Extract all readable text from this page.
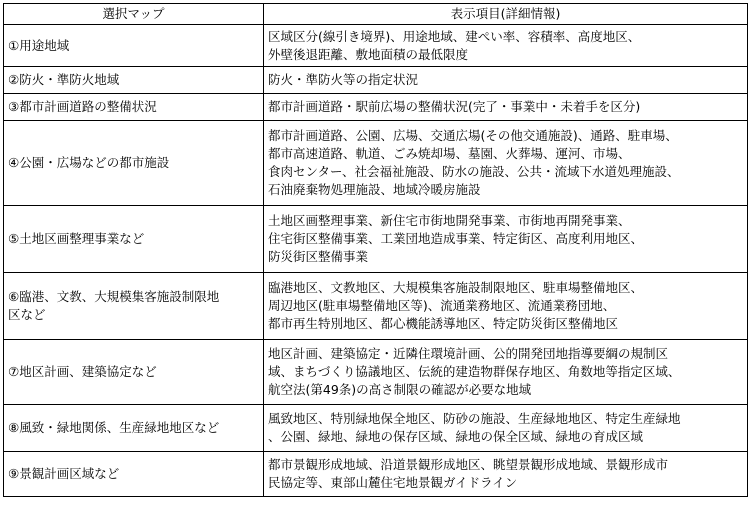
選択マップ	表示項目(詳細情報)
①用途地域	区域区分(線引き境界)、用途地域、建ぺい率、容積率、高度地区、
外壁後退距離、敷地面積の最低限度
②防火・準防火地域	防火・準防火等の指定状況
③都市計画道路の整備状況	都市計画道路・駅前広場の整備状況(完了・事業中・未着手を区分)
④公園・広場などの都市施設	都市計画道路、公園、広場、交通広場(その他交通施設)、通路、駐車場、
都市高速道路、軌道、ごみ焼却場、墓園、火葬場、運河、市場、
食肉センター、社会福祉施設、防水の施設、公共・流域下水道処理施設、
石油廃棄物処理施設、地域冷暖房施設
⑤土地区画整理事業など	土地区画整理事業、新住宅市街地開発事業、市街地再開発事業、
住宅街区整備事業、工業団地造成事業、特定街区、高度利用地区、
防災街区整備事業
⑥臨港、文教、大規模集客施設制限地
区など	臨港地区、文教地区、大規模集客施設制限地区、駐車場整備地区、
周辺地区(駐車場整備地区等)、流通業務地区、流通業務団地、
都市再生特別地区、都心機能誘導地区、特定防災街区整備地区
⑦地区計画、建築協定など	地区計画、建築協定・近隣住環境計画、公的開発団地指導要綱の規制区
域、まちづくり協議地区、伝統的建造物群保存地区、角数地等指定区域、
航空法(第49条)の高さ制限の確認が必要な地域
⑧風致・緑地関係、生産緑地地区など	風致地区、特別緑地保全地区、防砂の施設、生産緑地地区、特定生産緑地
、公園、緑地、緑地の保存区域、緑地の保全区域、緑地の育成区域
⑨景観計画区域など	都市景観形成地域、沿道景観形成地区、眺望景観形成地域、景観形成市
民協定等、東部山麓住宅地景観ガイドライン
